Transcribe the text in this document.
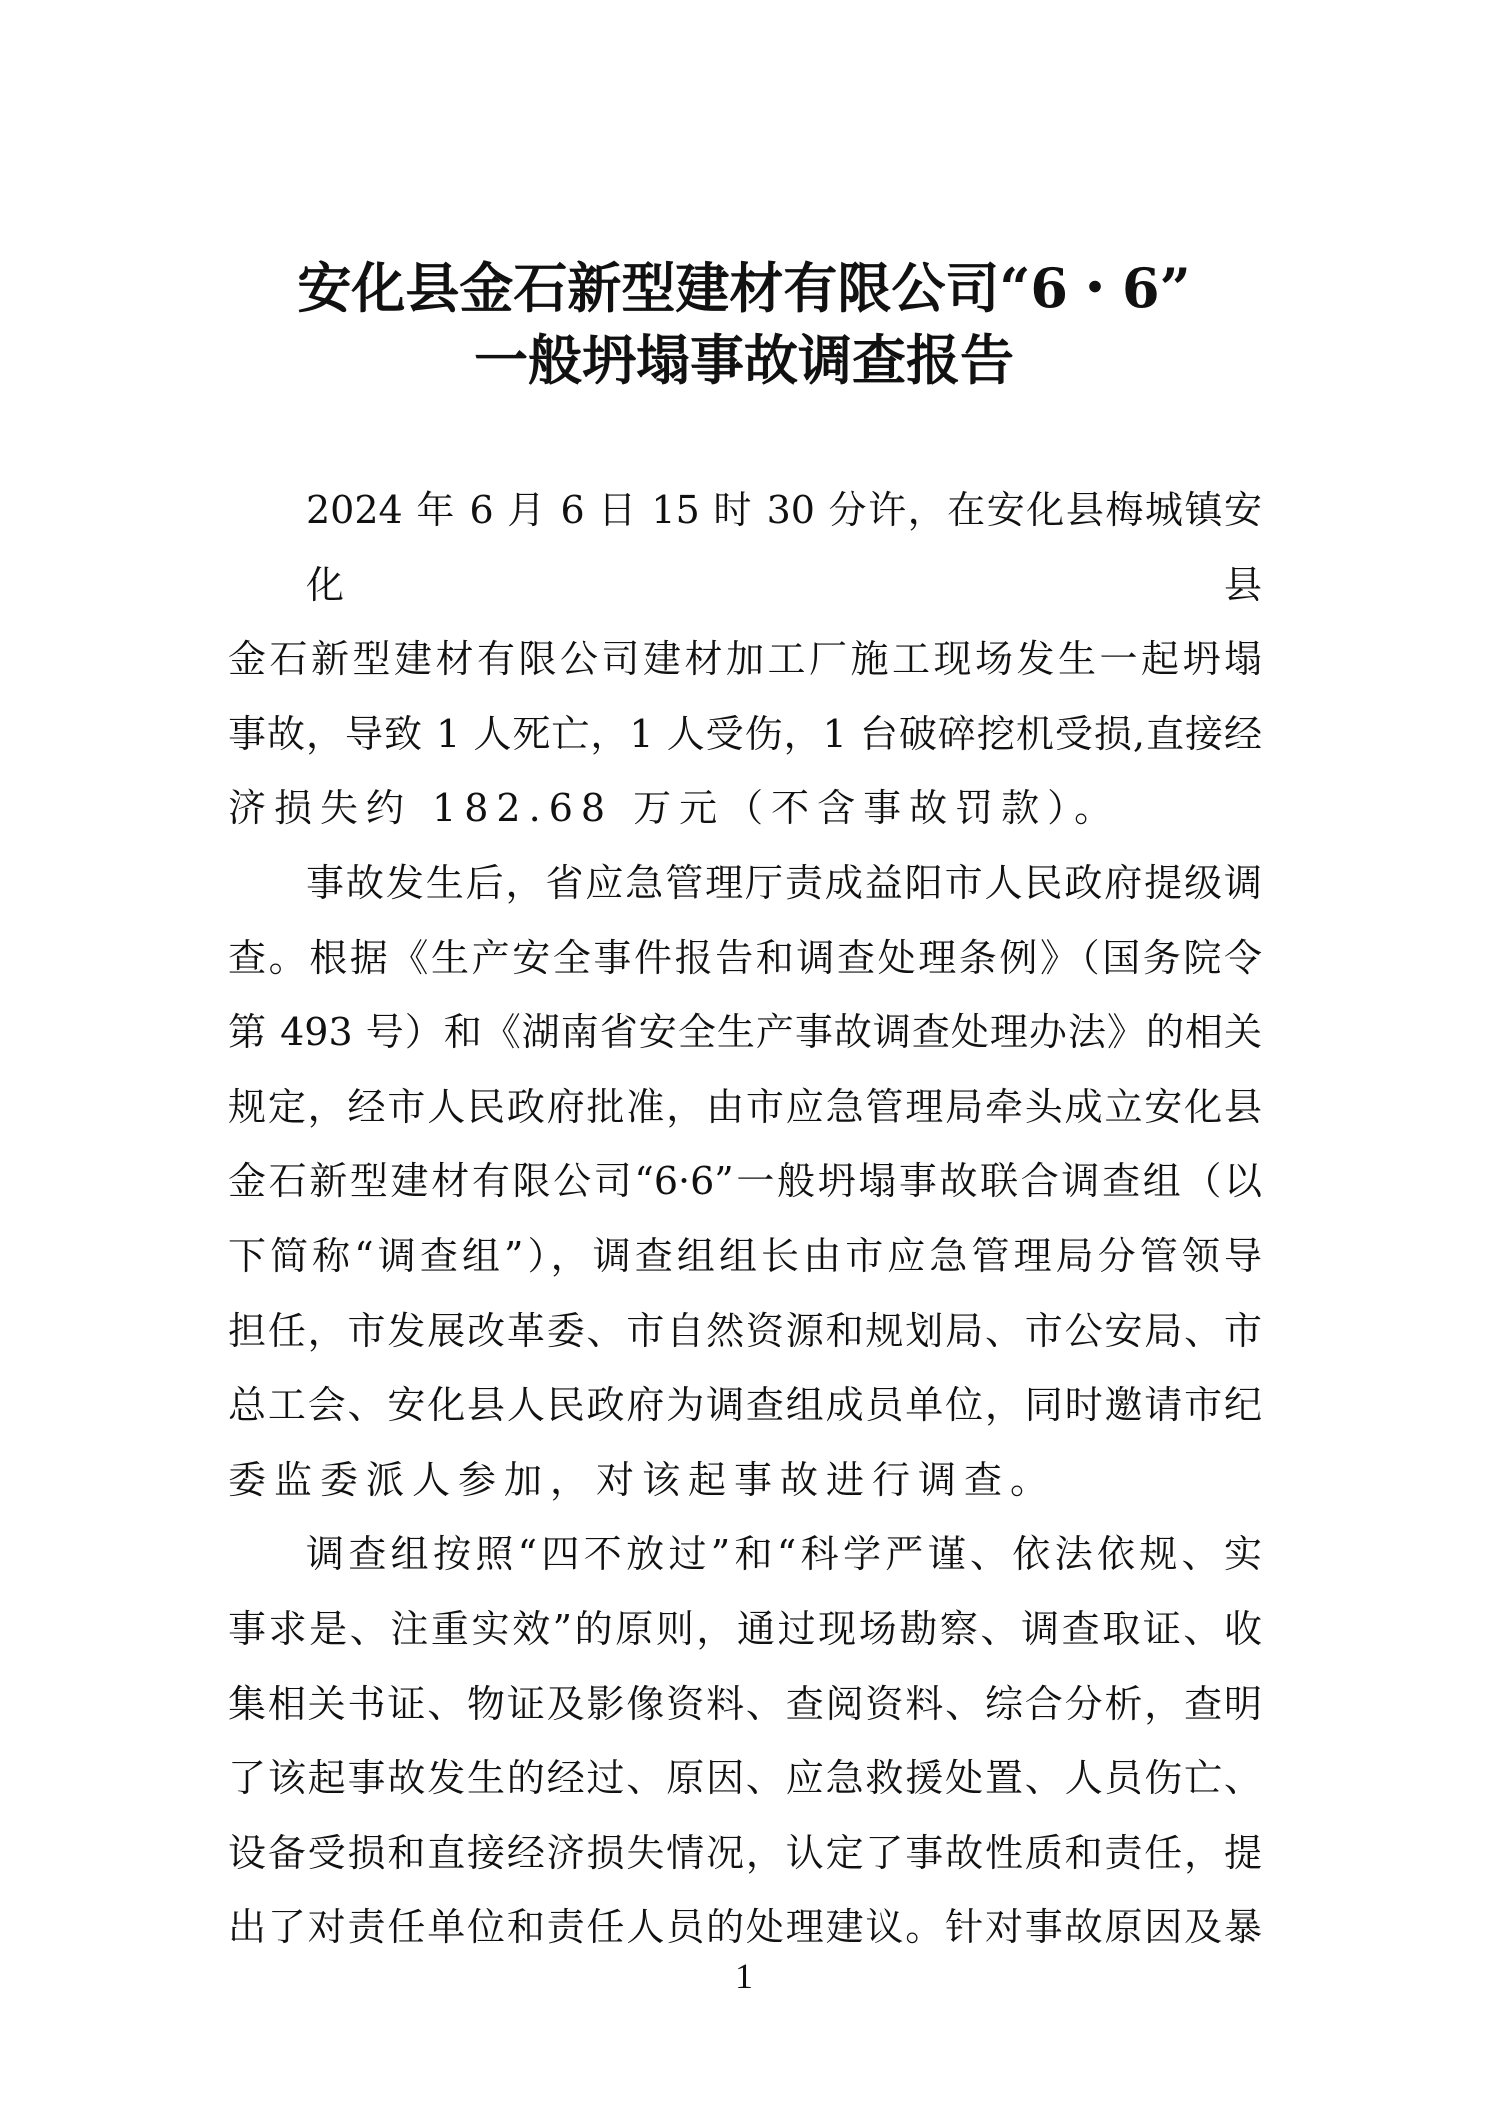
安化县金石新型建材有限公司“6・6”
一般坍塌事故调查报告
2024 年 6 月 6 日 15 时 30 分许，在安化县梅城镇安化县
金石新型建材有限公司建材加工厂施工现场发生一起坍塌
事故，导致 1 人死亡，1 人受伤，1 台破碎挖机受损,直接经
济损失约 182.68 万元（不含事故罚款）。
事故发生后，省应急管理厅责成益阳市人民政府提级调
查。根据《生产安全事件报告和调查处理条例》（国务院令
第 493 号）和《湖南省安全生产事故调查处理办法》的相关
规定，经市人民政府批准，由市应急管理局牵头成立安化县
金石新型建材有限公司“6·6”一般坍塌事故联合调查组（以
下简称“调查组”），调查组组长由市应急管理局分管领导
担任，市发展改革委、市自然资源和规划局、市公安局、市
总工会、安化县人民政府为调查组成员单位，同时邀请市纪
委监委派人参加，对该起事故进行调查。
调查组按照“四不放过”和“科学严谨、依法依规、实
事求是、注重实效”的原则，通过现场勘察、调查取证、收
集相关书证、物证及影像资料、查阅资料、综合分析，查明
了该起事故发生的经过、原因、应急救援处置、人员伤亡、
设备受损和直接经济损失情况，认定了事故性质和责任，提
出了对责任单位和责任人员的处理建议。针对事故原因及暴
1
